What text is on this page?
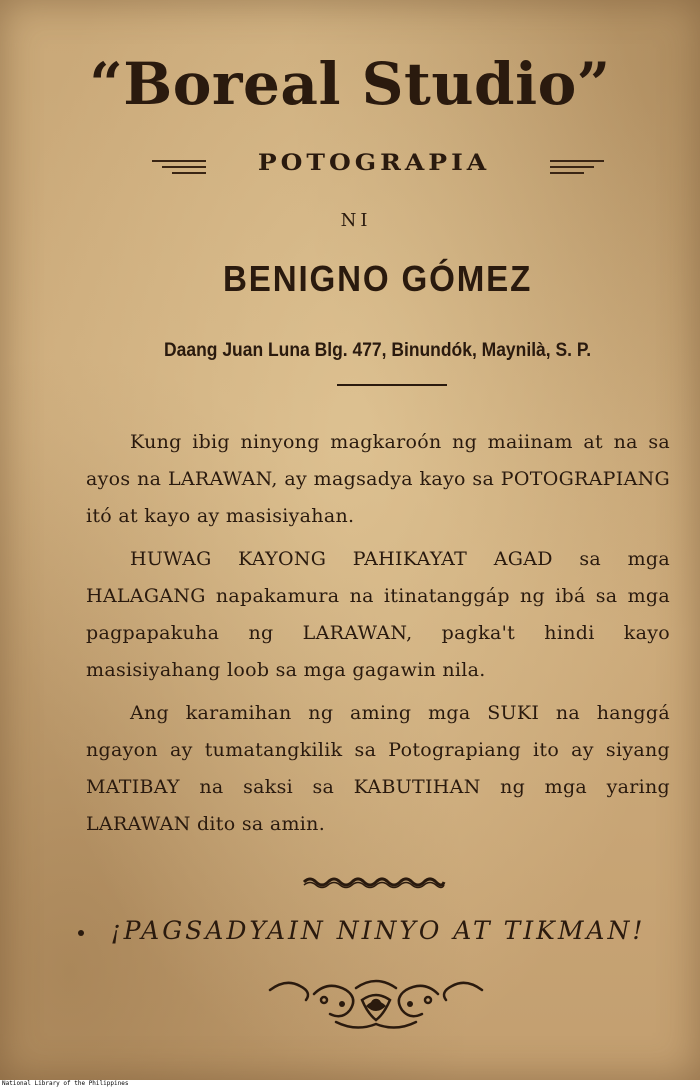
“Boreal Studio”
POTOGRAPIA
NI
BENIGNO GÓMEZ
Daang Juan Luna Blg. 477, Binundók, Maynilà, S. P.

Kung ibig ninyong magkaroón ng maiinam at na sa ayos na LARAWAN, ay magsadya kayo sa POTOGRAPIANG itó at kayo ay masisiyahan.

HUWAG KAYONG PAHIKAYAT AGAD sa mga HALAGANG napakamura na itinatanggáp ng ibá sa mga pagpapakuha ng LARAWAN, pagka't hindi kayo masisiyahang loob sa mga gagawin nila.

Ang karamihan ng aming mga SUKI na hanggá ngayon ay tumatangkilik sa Potograpiang ito ay siyang MATIBAY na saksi sa KABUTIHAN ng mga yaring LARAWAN dito sa amin.

¡PAGSADYAIN NINYO AT TIKMAN!
National Library of the Philippines
